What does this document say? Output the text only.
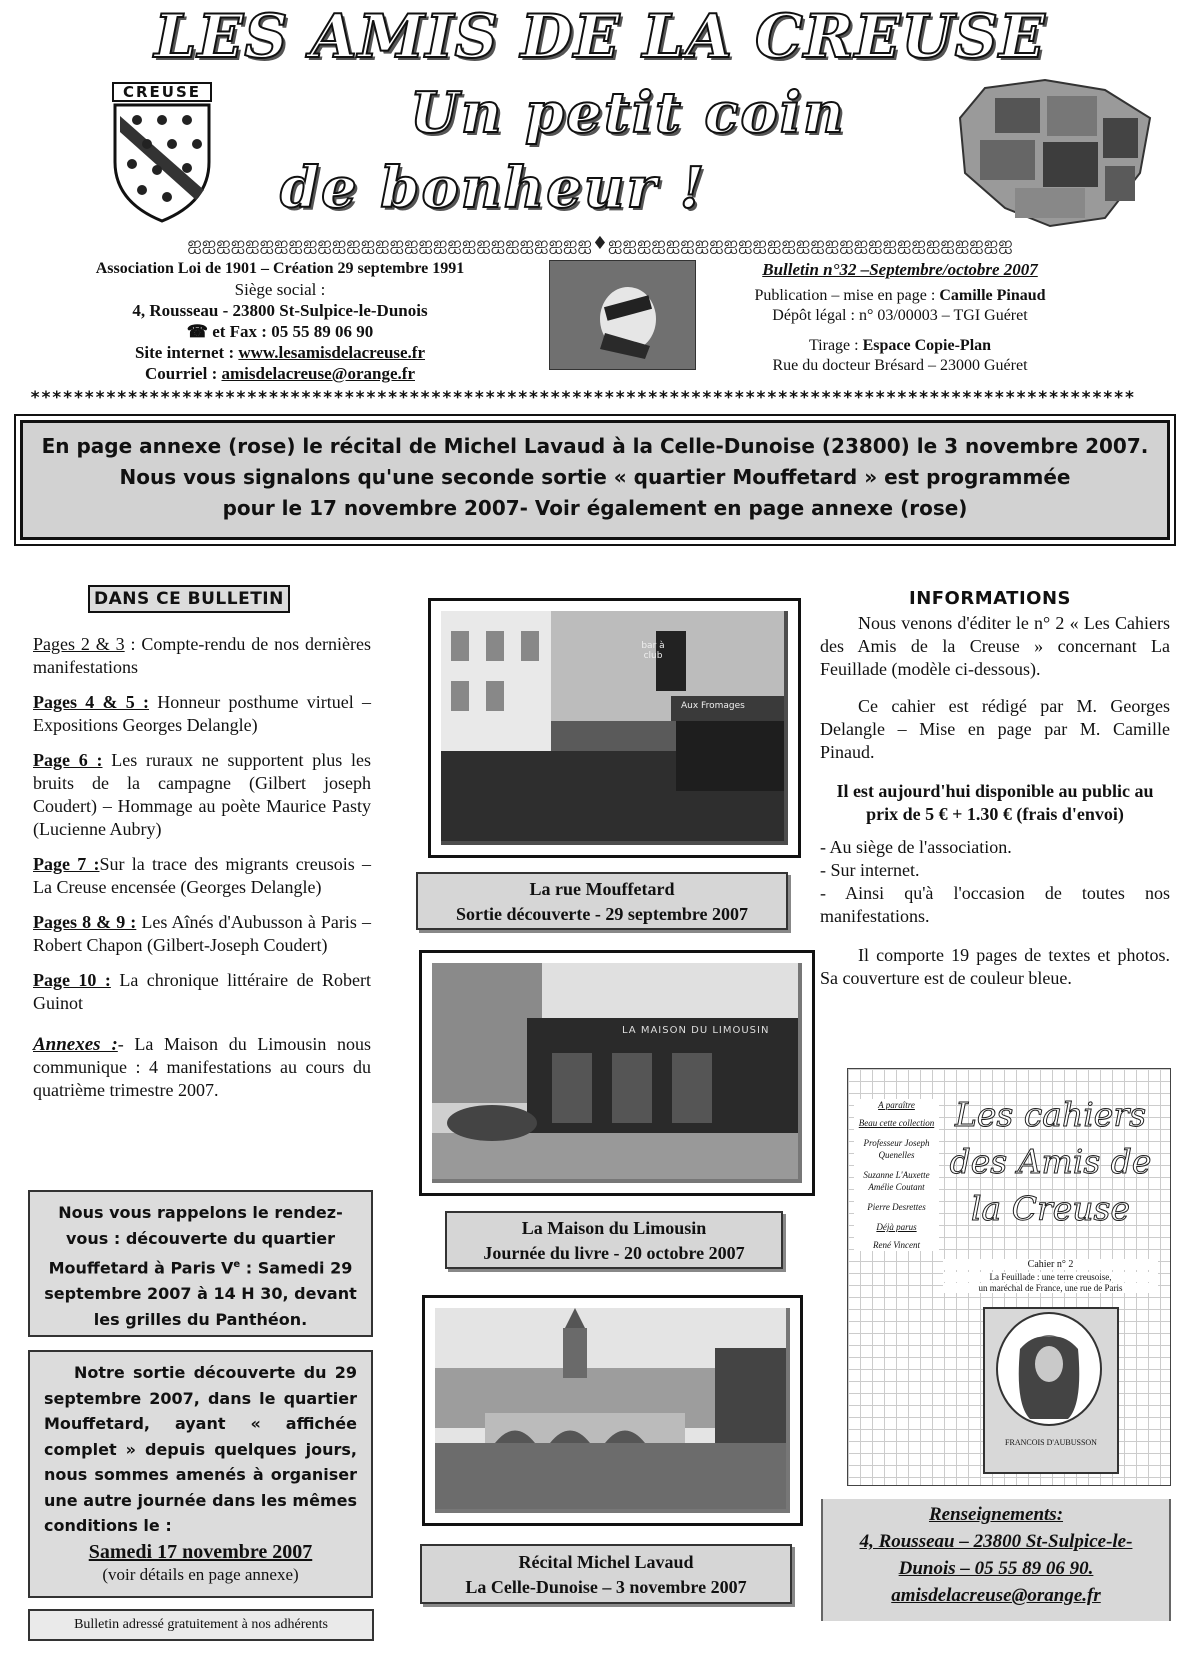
LES AMIS DE LA CREUSE
CREUSE	Un petit coin
de bonheur !
ஐஐஐஐஐஐஐஐஐஐஐஐஐஐஐஐஐஐஐஐஐஐஐஐஐஐஐஐ♦ஐஐஐஐஐஐஐஐஐஐஐஐஐஐஐஐஐஐஐஐஐஐஐஐஐஐஐஐ
Association Loi de 1901 – Création 29 septembre 1991
Siège social :
4, Rousseau - 23800 St-Sulpice-le-Dunois
☎ et Fax : 05 55 89 06 90
Site internet : www.lesamisdelacreuse.fr
Courriel : amisdelacreuse@orange.fr
Bulletin n°32 –Septembre/octobre 2007
Publication – mise en page : Camille Pinaud
Dépôt légal : n° 03/00003 – TGI Guéret
Tirage : Espace Copie-Plan
Rue du docteur Brésard – 23000 Guéret
******************************************************************************************************
En page annexe (rose) le récital de Michel Lavaud à la Celle-Dunoise (23800) le 3 novembre 2007.
Nous vous signalons qu'une seconde sortie « quartier Mouffetard » est programmée
pour le 17 novembre 2007- Voir également en page annexe (rose)
DANS CE BULLETIN

Pages 2 & 3 : Compte-rendu de nos dernières manifestations

Pages 4 & 5 : Honneur posthume virtuel –Expositions Georges Delangle)

Page 6 : Les ruraux ne supportent plus les bruits de la campagne (Gilbert joseph Coudert) – Hommage au poète Maurice Pasty (Lucienne Aubry)

Page 7 :Sur la trace des migrants creusois – La Creuse encensée (Georges Delangle)

Pages 8 & 9 : Les Aînés d'Aubusson à Paris – Robert Chapon (Gilbert-Joseph Coudert)

Page 10 : La chronique littéraire de Robert Guinot

Annexes :- La Maison du Limousin nous communique : 4 manifestations au cours du quatrième trimestre 2007.

Nous vous rappelons le rendez-vous : découverte du quartier Mouffetard à Paris Ve : Samedi 29 septembre 2007 à 14 H 30, devant les grilles du Panthéon.
Notre sortie découverte du 29 septembre 2007, dans le quartier Mouffetard, ayant « affichée complet » depuis quelques jours, nous sommes amenés à organiser une autre journée dans les mêmes conditions le :
Samedi 17 novembre 2007
(voir détails en page annexe)
Bulletin adressé gratuitement à nos adhérents
bar à club
Aux Fromages
La rue Mouffetard
Sortie découverte - 29 septembre 2007
LA MAISON DU LIMOUSIN
La Maison du Limousin
Journée du livre - 20 octobre 2007
Récital Michel Lavaud
La Celle-Dunoise – 3 novembre 2007
INFORMATIONS

Nous venons d'éditer le n° 2 « Les Cahiers des Amis de la Creuse » concernant La Feuillade (modèle ci-dessous).

Ce cahier est rédigé par M. Georges Delangle – Mise en page par M. Camille Pinaud.

Il est aujourd'hui disponible au public au prix de 5 € + 1.30 € (frais d'envoi)

- Au siège de l'association.
- Sur internet.
- Ainsi qu'à l'occasion de toutes nos manifestations.

Il comporte 19 pages de textes et photos. Sa couverture est de couleur bleue.

Les cahiers des Amis de la Creuse
A paraître
Beau cette collection
Professeur Joseph Quenelles
Suzanne L'Auxette Amélie Coutant
Pierre Desrettes
Déjà parus
René Vincent
Cahier n° 2
La Feuillade : une terre creusoise,
un maréchal de France, une rue de Paris
FRANCOIS D'AUBUSSON
Renseignements:
4, Rousseau – 23800 St-Sulpice-le-
Dunois – 05 55 89 06 90.
amisdelacreuse@orange.fr
